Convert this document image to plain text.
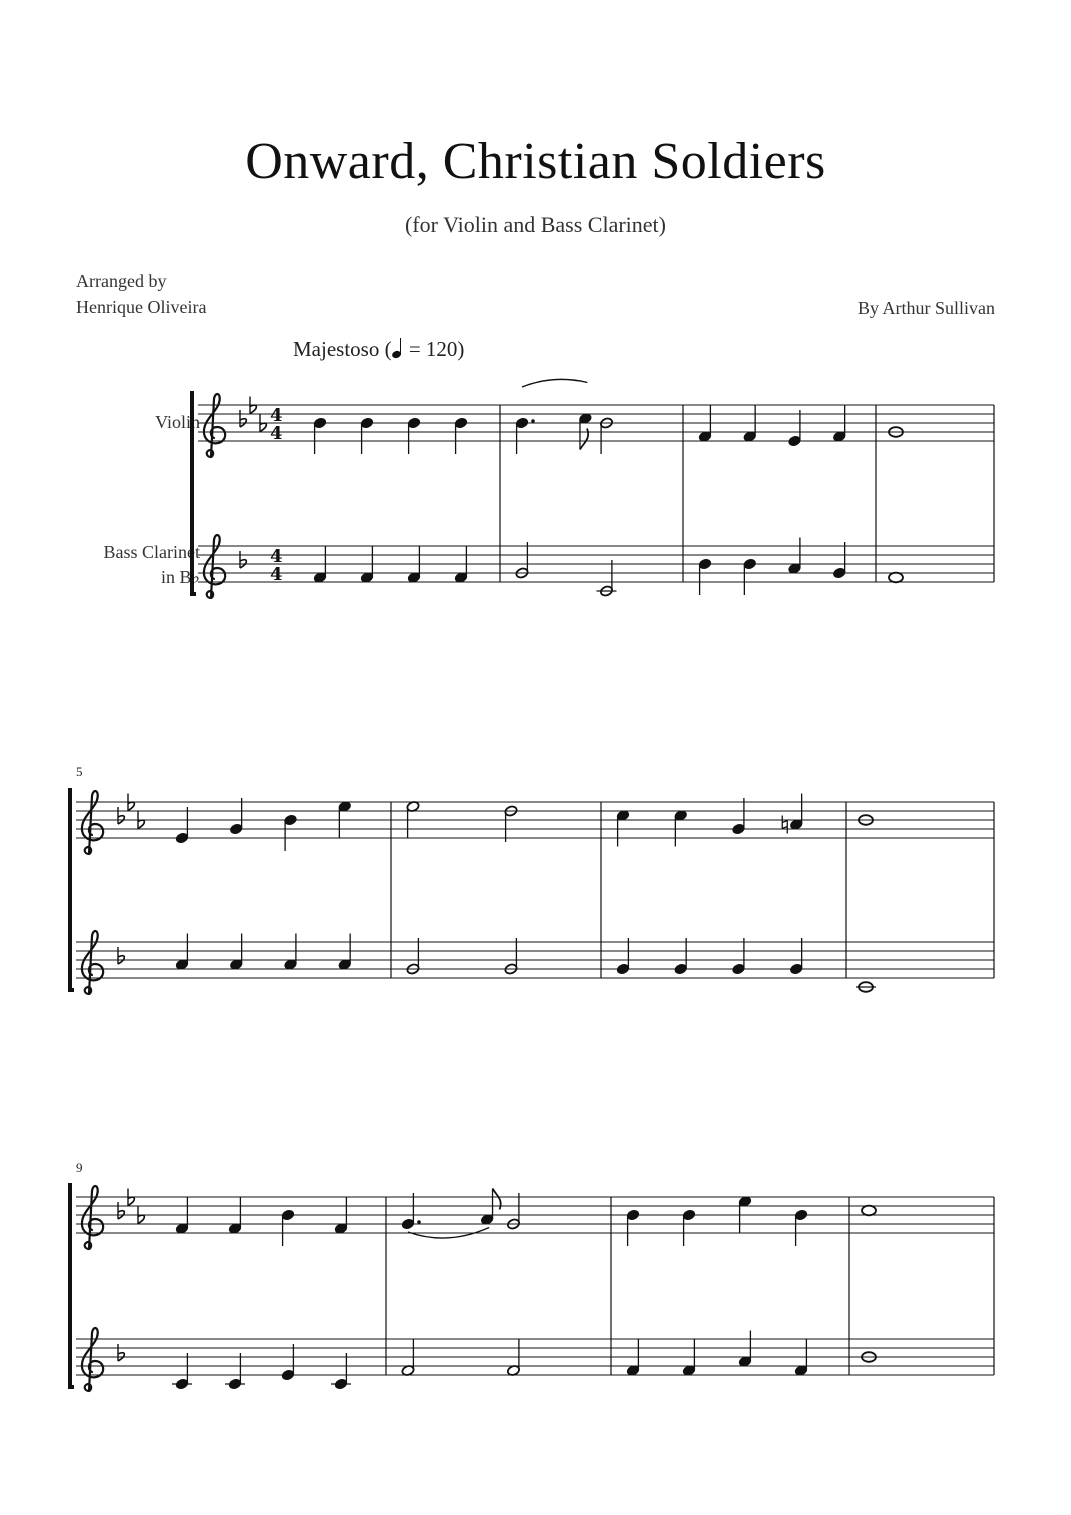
Onward, Christian Soldiers
(for Violin and Bass Clarinet)
Arranged by
Henrique Oliveira	By Arthur Sullivan
Majestoso ( = 120)
Violin
Bass Clarinet
in B♭
5
9
4
4
4
4
